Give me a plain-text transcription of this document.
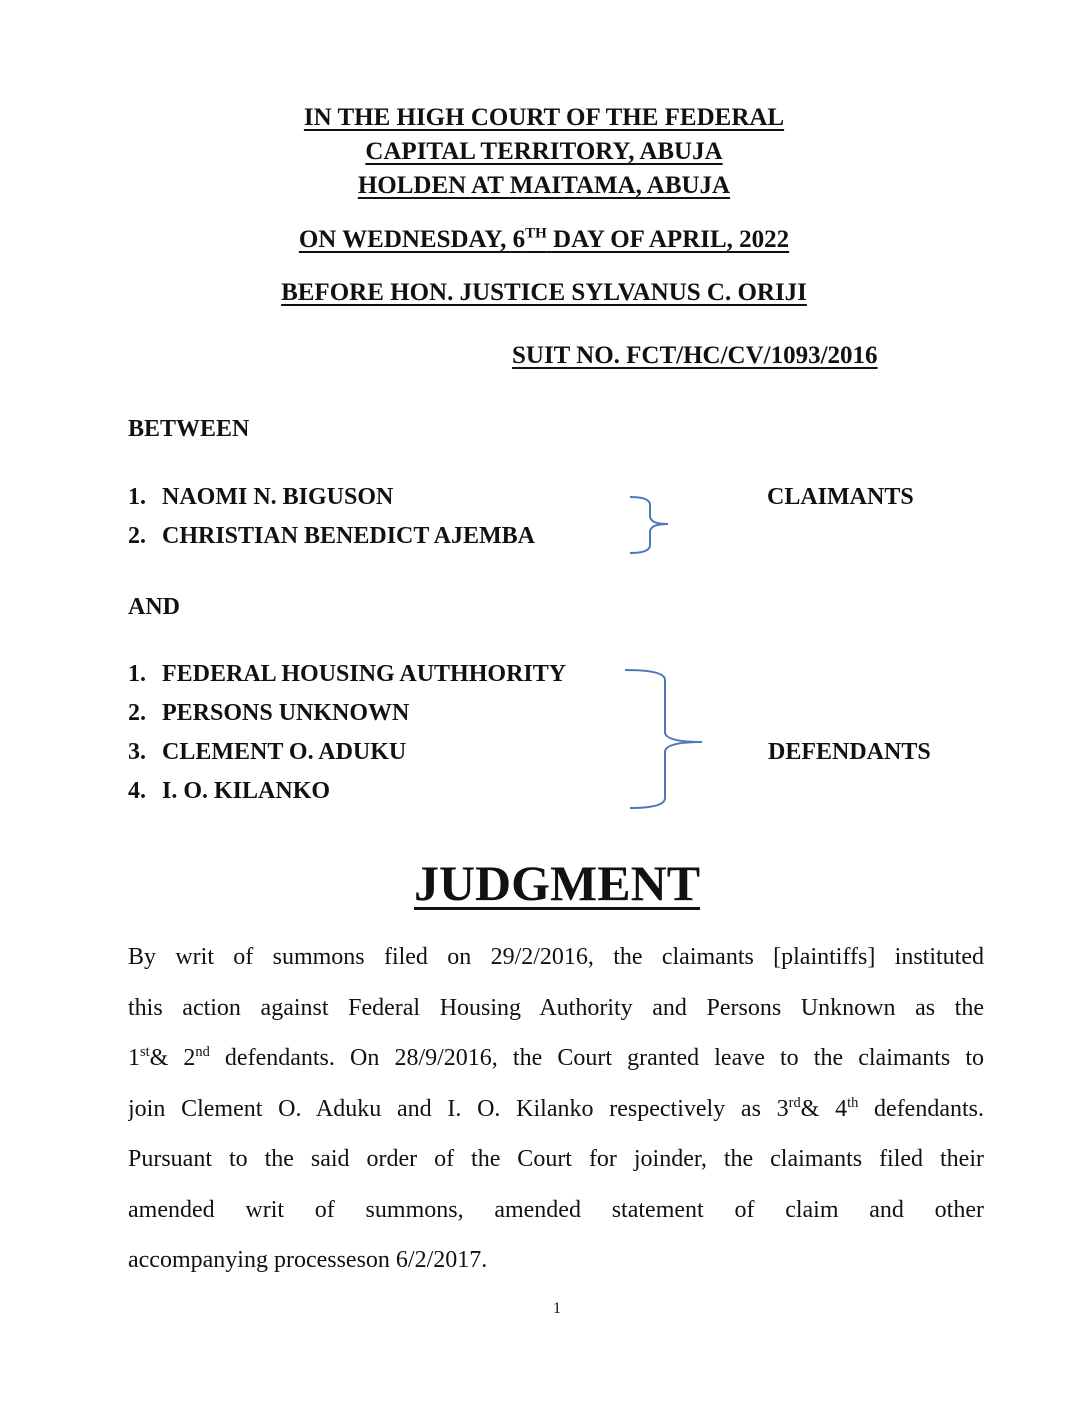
IN THE HIGH COURT OF THE FEDERAL
CAPITAL TERRITORY, ABUJA
HOLDEN AT MAITAMA, ABUJA
ON WEDNESDAY, 6TH DAY OF APRIL, 2022
BEFORE HON. JUSTICE SYLVANUS C. ORIJI
SUIT NO. FCT/HC/CV/1093/2016
BETWEEN
1. NAOMI N. BIGUSON
2. CHRISTIAN BENEDICT AJEMBA
CLAIMANTS
AND
1. FEDERAL HOUSING AUTHHORITY
2. PERSONS UNKNOWN
3. CLEMENT O. ADUKU
4. I. O. KILANKO
DEFENDANTS
JUDGMENT
By writ of summons filed on 29/2/2016, the claimants [plaintiffs] instituted
this action against Federal Housing Authority and Persons Unknown as the
1st& 2nd defendants. On 28/9/2016, the Court granted leave to the claimants to
join Clement O. Aduku and I. O. Kilanko respectively as 3rd& 4th defendants.
Pursuant to the said order of the Court for joinder, the claimants filed their
amended writ of summons, amended statement of claim and other
accompanying processeson 6/2/2017.
1
